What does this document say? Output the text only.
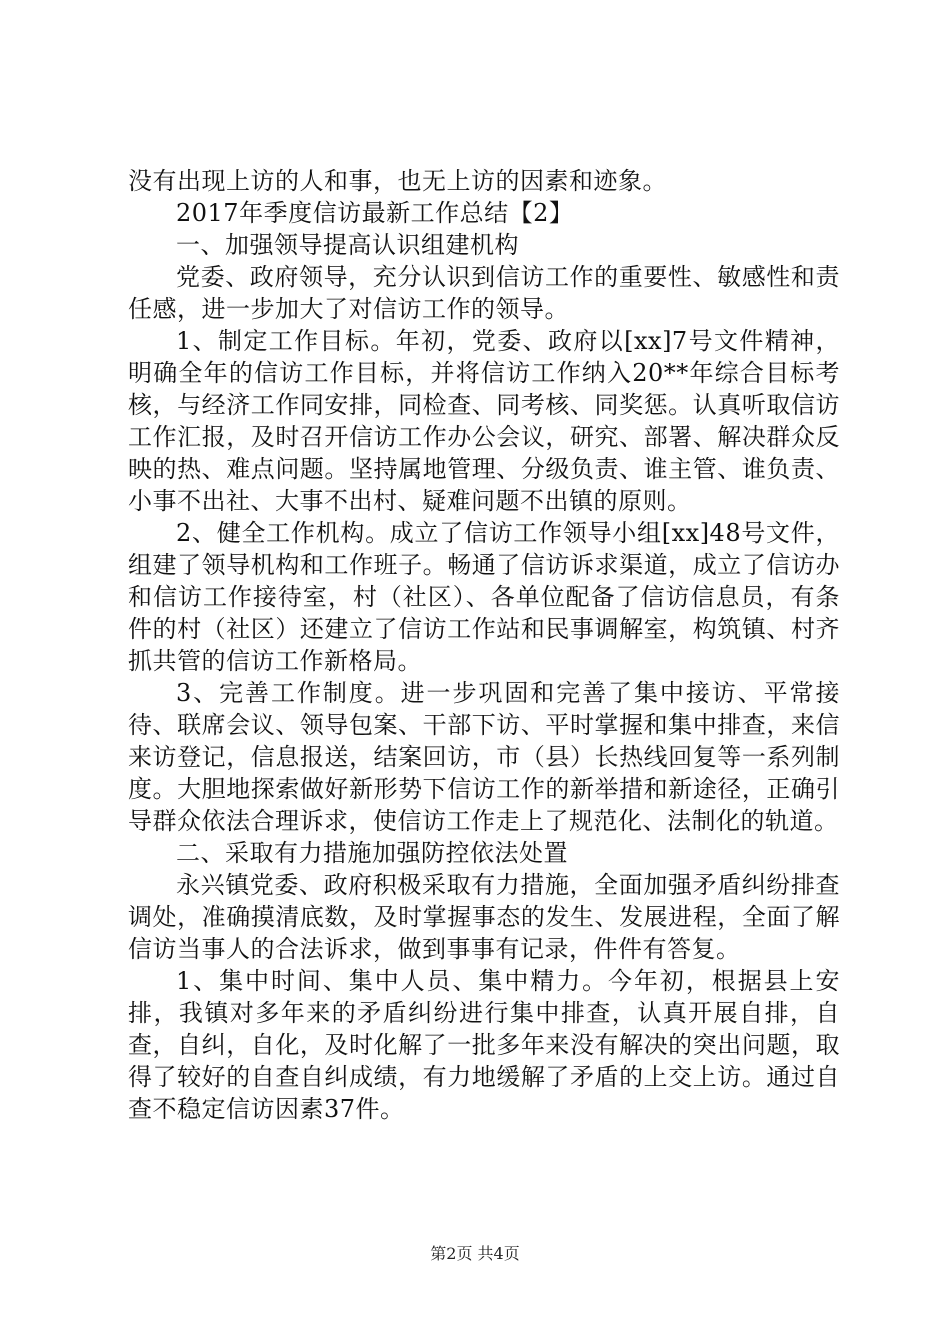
没有出现上访的人和事，也无上访的因素和迹象。

2017年季度信访最新工作总结【2】

一、加强领导提高认识组建机构

党委、政府领导，充分认识到信访工作的重要性、敏感性和责任感，进一步加大了对信访工作的领导。

1、制定工作目标。年初，党委、政府以[xx]7号文件精神，明确全年的信访工作目标，并将信访工作纳入20**年综合目标考核，与经济工作同安排，同检查、同考核、同奖惩。认真听取信访工作汇报，及时召开信访工作办公会议，研究、部署、解决群众反映的热、难点问题。坚持属地管理、分级负责、谁主管、谁负责、小事不出社、大事不出村、疑难问题不出镇的原则。

2、健全工作机构。成立了信访工作领导小组[xx]48号文件，组建了领导机构和工作班子。畅通了信访诉求渠道，成立了信访办和信访工作接待室，村（社区）、各单位配备了信访信息员，有条件的村（社区）还建立了信访工作站和民事调解室，构筑镇、村齐抓共管的信访工作新格局。

3、完善工作制度。进一步巩固和完善了集中接访、平常接待、联席会议、领导包案、干部下访、平时掌握和集中排查，来信来访登记，信息报送，结案回访，市（县）长热线回复等一系列制度。大胆地探索做好新形势下信访工作的新举措和新途径，正确引导群众依法合理诉求，使信访工作走上了规范化、法制化的轨道。

二、采取有力措施加强防控依法处置

永兴镇党委、政府积极采取有力措施，全面加强矛盾纠纷排查调处，准确摸清底数，及时掌握事态的发生、发展进程，全面了解信访当事人的合法诉求，做到事事有记录，件件有答复。

1、集中时间、集中人员、集中精力。今年初，根据县上安排，我镇对多年来的矛盾纠纷进行集中排查，认真开展自排，自查，自纠，自化，及时化解了一批多年来没有解决的突出问题，取得了较好的自查自纠成绩，有力地缓解了矛盾的上交上访。通过自查不稳定信访因素37件。

第2页 共4页
